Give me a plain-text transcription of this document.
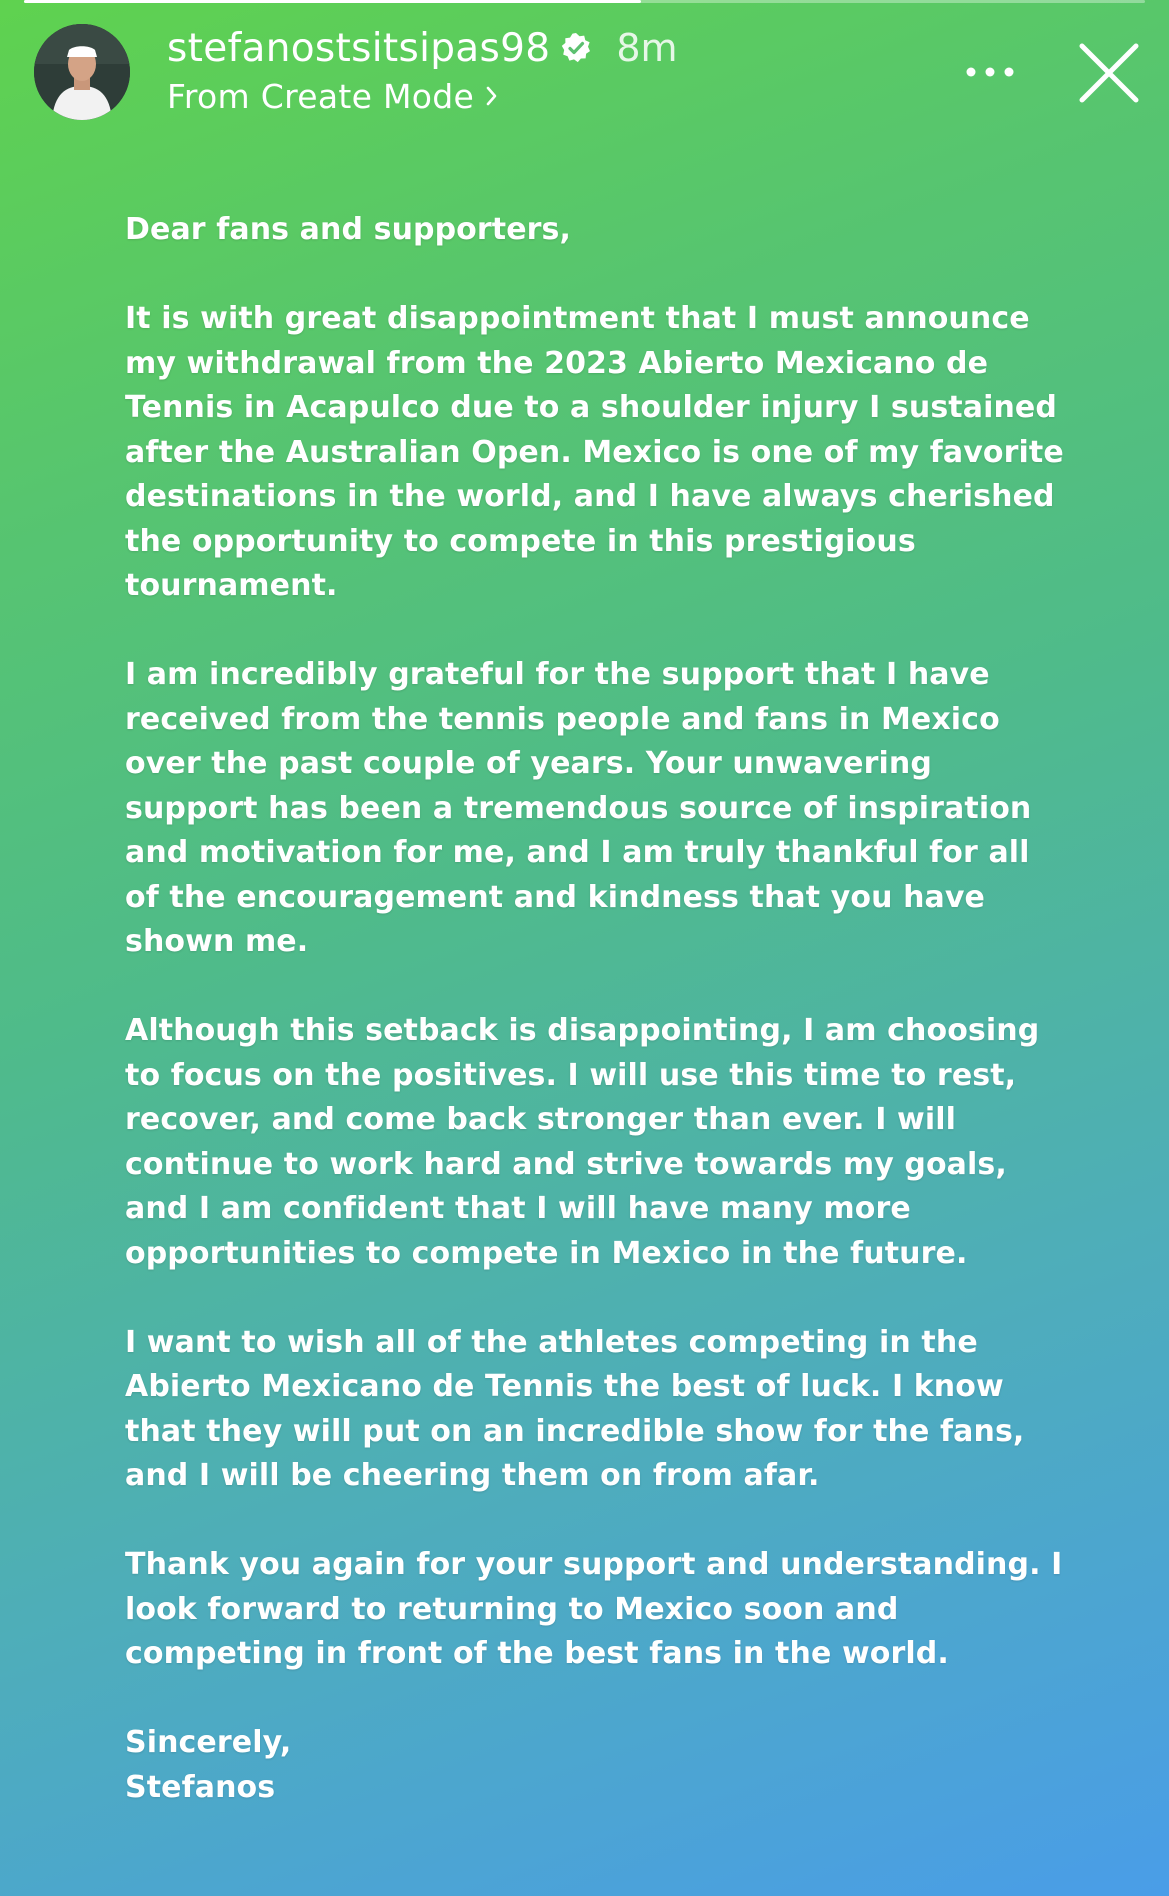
stefanostsitsipas98 8m
From Create Mode

Dear fans and supporters,

It is with great disappointment that I must announce my withdrawal from the 2023 Abierto Mexicano de Tennis in Acapulco due to a shoulder injury I sustained after the Australian Open. Mexico is one of my favorite destinations in the world, and I have always cherished the opportunity to compete in this prestigious tournament.

I am incredibly grateful for the support that I have received from the tennis people and fans in Mexico over the past couple of years. Your unwavering support has been a tremendous source of inspiration and motivation for me, and I am truly thankful for all of the encouragement and kindness that you have shown me.

Although this setback is disappointing, I am choosing to focus on the positives. I will use this time to rest, recover, and come back stronger than ever. I will continue to work hard and strive towards my goals, and I am confident that I will have many more opportunities to compete in Mexico in the future.

I want to wish all of the athletes competing in the Abierto Mexicano de Tennis the best of luck. I know that they will put on an incredible show for the fans, and I will be cheering them on from afar.

Thank you again for your support and understanding. I look forward to returning to Mexico soon and competing in front of the best fans in the world.

Sincerely,

Stefanos
